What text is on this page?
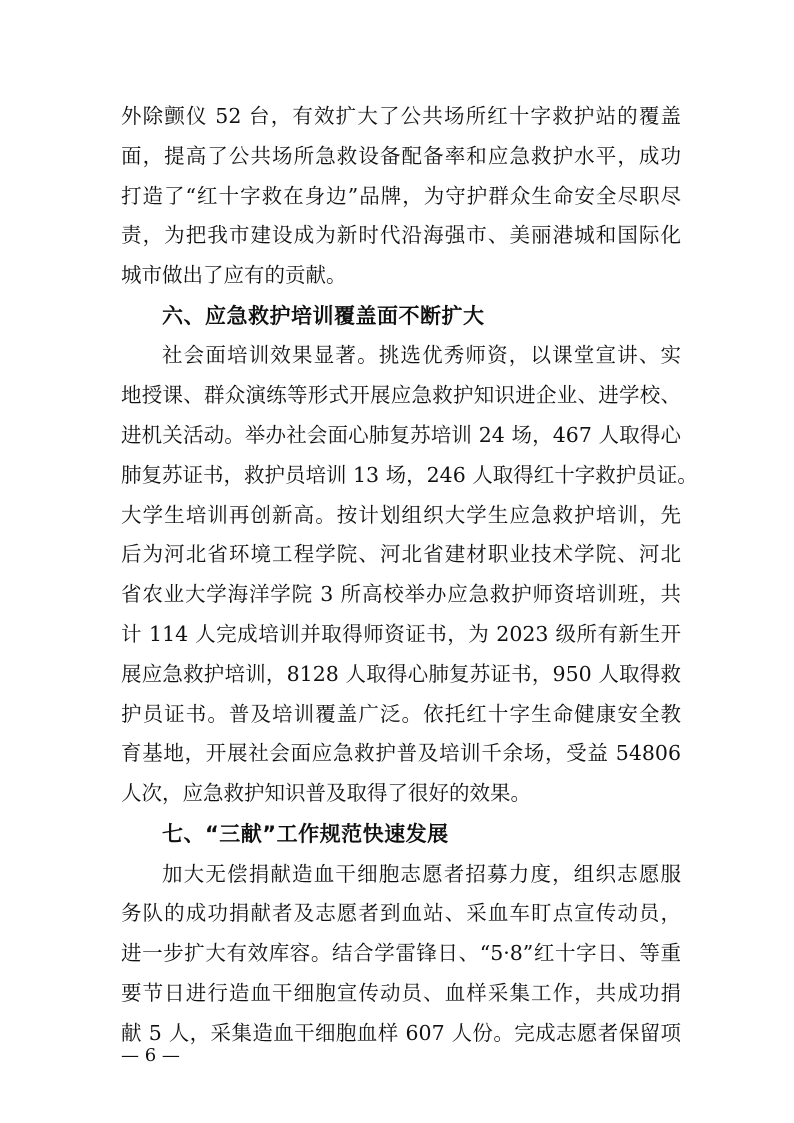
外除颤仪 52 台，有效扩大了公共场所红十字救护站的覆盖
面，提高了公共场所急救设备配备率和应急救护水平，成功
打造了“红十字救在身边”品牌，为守护群众生命安全尽职尽
责，为把我市建设成为新时代沿海强市、美丽港城和国际化
城市做出了应有的贡献。
六、应急救护培训覆盖面不断扩大
社会面培训效果显著。挑选优秀师资，以课堂宣讲、实
地授课、群众演练等形式开展应急救护知识进企业、进学校、
进机关活动。举办社会面心肺复苏培训 24 场，467 人取得心
肺复苏证书，救护员培训 13 场，246 人取得红十字救护员证。
大学生培训再创新高。按计划组织大学生应急救护培训，先
后为河北省环境工程学院、河北省建材职业技术学院、河北
省农业大学海洋学院 3 所高校举办应急救护师资培训班，共
计 114 人完成培训并取得师资证书，为 2023 级所有新生开
展应急救护培训，8128 人取得心肺复苏证书，950 人取得救
护员证书。普及培训覆盖广泛。依托红十字生命健康安全教
育基地，开展社会面应急救护普及培训千余场，受益 54806
人次，应急救护知识普及取得了很好的效果。
七、“三献”工作规范快速发展
加大无偿捐献造血干细胞志愿者招募力度，组织志愿服
务队的成功捐献者及志愿者到血站、采血车盯点宣传动员，
进一步扩大有效库容。结合学雷锋日、“5·8”红十字日、等重
要节日进行造血干细胞宣传动员、血样采集工作，共成功捐
献 5 人，采集造血干细胞血样 607 人份。完成志愿者保留项
— 6 —
